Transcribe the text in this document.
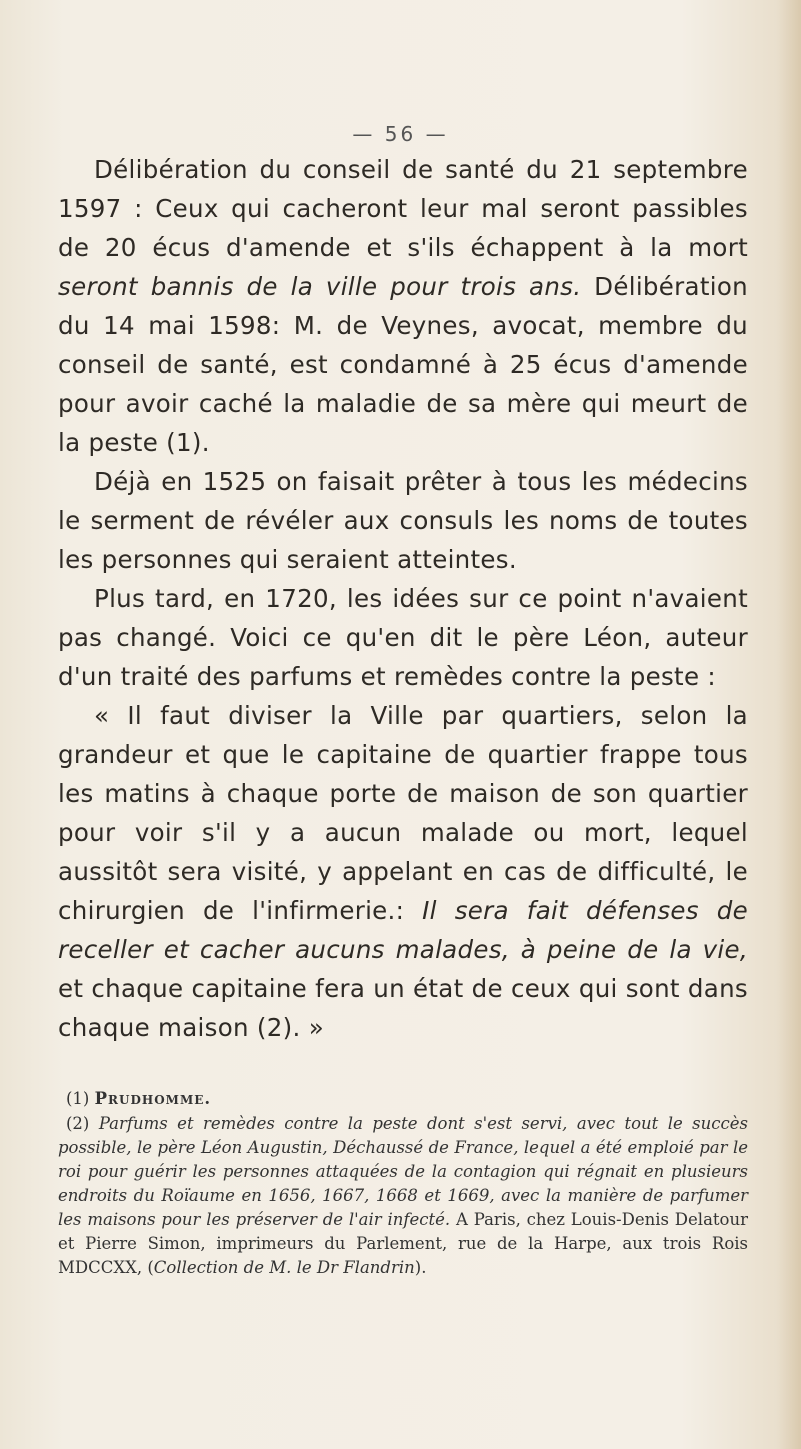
— 56 —

Délibération du conseil de santé du 21 septembre 1597 : Ceux qui cacheront leur mal seront passibles de 20 écus d'amende et s'ils échappent à la mort seront bannis de la ville pour trois ans. Délibération du 14 mai 1598: M. de Veynes, avocat, membre du conseil de santé, est condamné à 25 écus d'amende pour avoir caché la maladie de sa mère qui meurt de la peste (1).

Déjà en 1525 on faisait prêter à tous les médecins le serment de révéler aux consuls les noms de toutes les personnes qui seraient atteintes.

Plus tard, en 1720, les idées sur ce point n'avaient pas changé. Voici ce qu'en dit le père Léon, auteur d'un traité des parfums et remèdes contre la peste :

« Il faut diviser la Ville par quartiers, selon la grandeur et que le capitaine de quartier frappe tous les matins à chaque porte de maison de son quartier pour voir s'il y a aucun malade ou mort, lequel aussitôt sera visité, y appelant en cas de difficulté, le chirurgien de l'infirmerie.: Il sera fait défenses de receller et cacher aucuns malades, à peine de la vie, et chaque capitaine fera un état de ceux qui sont dans chaque maison (2). »

(1) Prudhomme.

(2) Parfums et remèdes contre la peste dont s'est servi, avec tout le succès possible, le père Léon Augustin, Déchaussé de France, lequel a été emploié par le roi pour guérir les personnes attaquées de la contagion qui régnait en plusieurs endroits du Roïaume en 1656, 1667, 1668 et 1669, avec la manière de parfumer les maisons pour les préserver de l'air infecté. A Paris, chez Louis-Denis Delatour et Pierre Simon, imprimeurs du Parlement, rue de la Harpe, aux trois Rois MDCCXX, (Collection de M. le Dr Flandrin).
